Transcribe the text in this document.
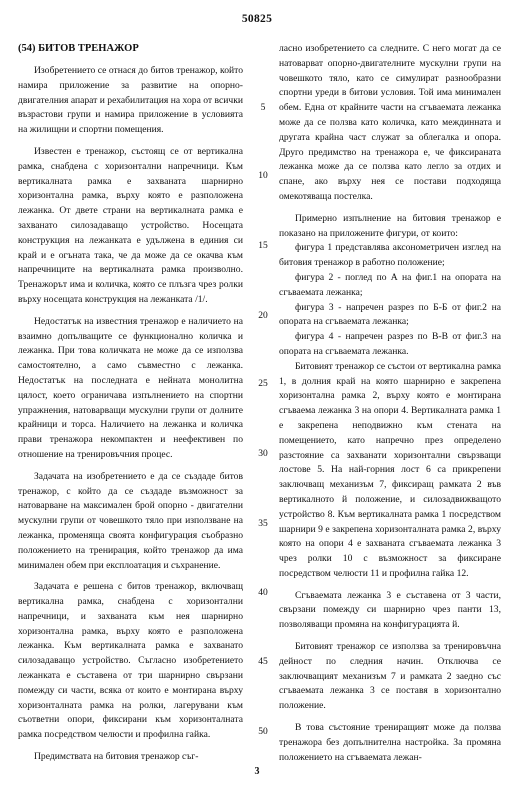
50825
(54) БИТОВ ТРЕНАЖОР

Изобретението се отнася до битов тренажор, който намира приложение за развитие на опорно-двигателния апарат и рехабилитация на хора от всички възрастови групи и намира приложение в условията на жилищни и спортни помещения.

Известен е тренажор, състоящ се от вертикална рамка, снабдена с хоризонтални напречници. Към вертикалната рамка е захваната шарнирно хоризонтална рамка, върху която е разположена лежанка. От двете страни на вертикалната рамка е захванато силозадаващо устройство. Носещата конструкция на лежанката е удължена в единия си край и е огъната така, че да може да се окачва към напречниците на вертикалната рамка произволно. Тренажорът има и количка, която се плъзга чрез ролки върху носещата конструкция на лежанката /1/.

Недостатък на известния тренажор е наличието на взаимно допълващите се функционално количка и лежанка. При това количката не може да се използва самостоятелно, а само съвместно с лежанка. Недостатък на последната е нейната монолитна цялост, което ограничава изпълнението на спортни упражнения, натоварващи мускулни групи от долните крайници и торса. Наличието на лежанка и количка прави тренажора некомпактен и неефективен по отношение на тренировъчния процес.

Задачата на изобретението е да се създаде битов тренажор, с който да се създаде възможност за натоварване на максимален брой опорно - двигателни мускулни групи от човешкото тяло при използване на лежанка, променяща своята конфигурация съобразно положението на тренирация, който тренажор да има минимален обем при експлоатация и съхранение.

Задачата е решена с битов тренажор, включващ вертикална рамка, снабдена с хоризонтални напречници, и захваната към нея шарнирно хоризонтална рамка, върху която е разположена лежанка. Към вертикалната рамка е захванато силозадаващо устройство. Съгласно изобретението лежанката е съставена от три шарнирно свързани помежду си части, всяка от които е монтирана върху хоризонталната рамка на ролки, лагерувани към съответни опори, фиксирани към хоризонталната рамка посредством челюсти и профилна гайка.

Предимствата на битовия тренажор съг-

5
10
15
20
25
30
35
40
45
50

ласно изобретението са следните. С него могат да се натоварват опорно-двигателните мускулни групи на човешкото тяло, като се симулират разнообразни спортни уреди в битови условия. Той има минимален обем. Една от крайните части на сгъваемата лежанка може да се ползва като количка, като междинната и другата крайна част служат за облегалка и опора. Друго предимство на тренажора е, че фиксираната лежанка може да се ползва като легло за отдих и спане, ако върху нея се постави подходяща омекотяваща постелка.

Примерно изпълнение на битовия тренажор е показано на приложените фигури, от които:

фигура 1 представлява аксонометричен изглед на битовия тренажор в работно положение;

фигура 2 - поглед по А на фиг.1 на опората на сгъваемата лежанка;

фигура 3 - напречен разрез по Б-Б от фиг.2 на опората на сгъваемата лежанка;

фигура 4 - напречен разрез по В-В от фиг.3 на опората на сгъваемата лежанка.

Битовият тренажор се състои от вертикална рамка 1, в долния край на която шарнирно е закрепена хоризонтална рамка 2, върху която е монтирана сгъваема лежанка 3 на опори 4. Вертикалната рамка 1 е закрепена неподвижно към стената на помещението, като напречно през определено разстояние са захванати хоризонтални свързващи лостове 5. На най-горния лост 6 са прикрепени заключващ механизъм 7, фиксиращ рамката 2 във вертикалното й положение, и силозадвижващото устройство 8. Към вертикалната рамка 1 посредством шарнири 9 е закрепена хоризонталната рамка 2, върху която на опори 4 е захваната сгъваемата лежанка 3 чрез ролки 10 с възможност за фиксиране посредством челюсти 11 и профилна гайка 12.

Сгъваемата лежанка 3 е съставена от 3 части, свързани помежду си шарнирно чрез панти 13, позволяващи промяна на конфигурацията й.

Битовият тренажор се използва за тренировъчна дейност по следния начин. Отключва се заключващият механизъм 7 и рамката 2 заедно със сгъваемата лежанка 3 се поставя в хоризонтално положение.

В това състояние трениращият може да ползва тренажора без допълнителна настройка. За промяна положението на сгъваемата лежан-

3
